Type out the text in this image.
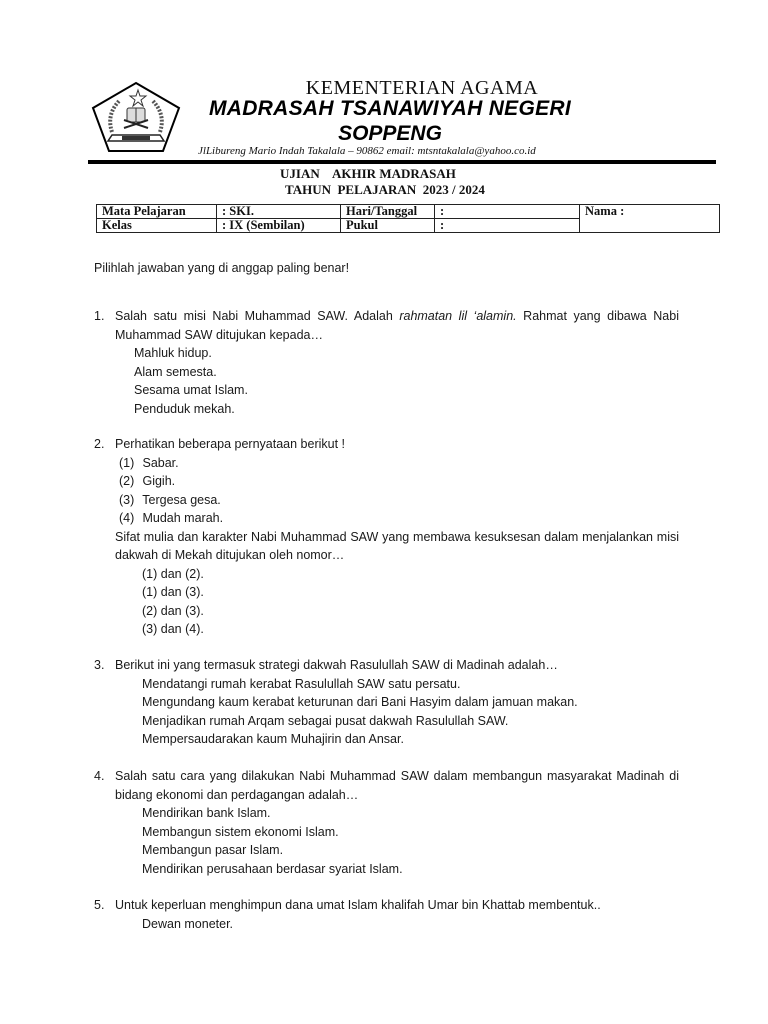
KEMENTERIAN AGAMA
MADRASAH TSANAWIYAH NEGERI
SOPPENG
JlLibureng Mario Indah Takalala – 90862 email: mtsntakalala@yahoo.co.id
UJIAN    AKHIR MADRASAH
TAHUN  PELAJARAN  2023 / 2024
Mata Pelajaran	: SKI.	Hari/Tanggal	:	Nama :
Kelas	: IX (Sembilan)	Pukul	:	
Pilihlah jawaban yang di anggap paling benar!
1. Salah satu misi Nabi Muhammad SAW. Adalah rahmatan lil ‘alamin. Rahmat yang dibawa Nabi Muhammad SAW ditujukan kepada…
Mahluk hidup.
Alam semesta.
Sesama umat Islam.
Penduduk mekah.
2. Perhatikan beberapa pernyataan berikut !
(1) Sabar.
(2) Gigih.
(3) Tergesa gesa.
(4) Mudah marah.
Sifat mulia dan karakter Nabi Muhammad SAW yang membawa kesuksesan dalam menjalankan misi dakwah di Mekah ditujukan oleh nomor…
(1) dan (2).
(1) dan (3).
(2) dan (3).
(3) dan (4).
3. Berikut ini yang termasuk strategi dakwah Rasulullah SAW di Madinah adalah…
Mendatangi rumah kerabat Rasulullah SAW satu persatu.
Mengundang kaum kerabat keturunan dari Bani Hasyim dalam jamuan makan.
Menjadikan rumah Arqam sebagai pusat dakwah Rasulullah SAW.
Mempersaudarakan kaum Muhajirin dan Ansar.
4. Salah satu cara yang dilakukan Nabi Muhammad SAW dalam membangun masyarakat Madinah di bidang ekonomi dan perdagangan adalah…
Mendirikan bank Islam.
Membangun sistem ekonomi Islam.
Membangun pasar Islam.
Mendirikan perusahaan berdasar syariat Islam.
5. Untuk keperluan menghimpun dana umat Islam khalifah Umar bin Khattab membentuk..
Dewan moneter.
